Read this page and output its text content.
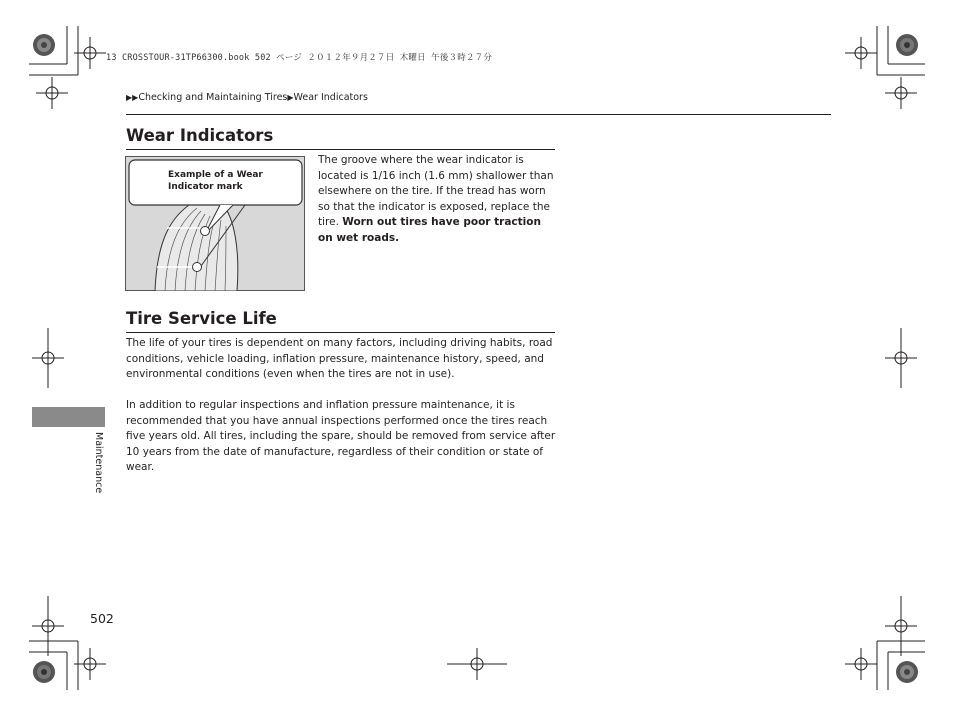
13 CROSSTOUR-31TP66300.book 502 ページ ２０１２年９月２７日 木曜日 午後３時２７分
▶▶Checking and Maintaining Tires▶Wear Indicators
Wear Indicators
Example of a Wear Indicator mark
The groove where the wear indicator is located is 1/16 inch (1.6 mm) shallower than elsewhere on the tire. If the tread has worn so that the indicator is exposed, replace the tire. Worn out tires have poor traction on wet roads.
Tire Service Life
The life of your tires is dependent on many factors, including driving habits, road conditions, vehicle loading, inflation pressure, maintenance history, speed, and environmental conditions (even when the tires are not in use).
In addition to regular inspections and inflation pressure maintenance, it is recommended that you have annual inspections performed once the tires reach five years old. All tires, including the spare, should be removed from service after 10 years from the date of manufacture, regardless of their condition or state of wear.
Maintenance
502
